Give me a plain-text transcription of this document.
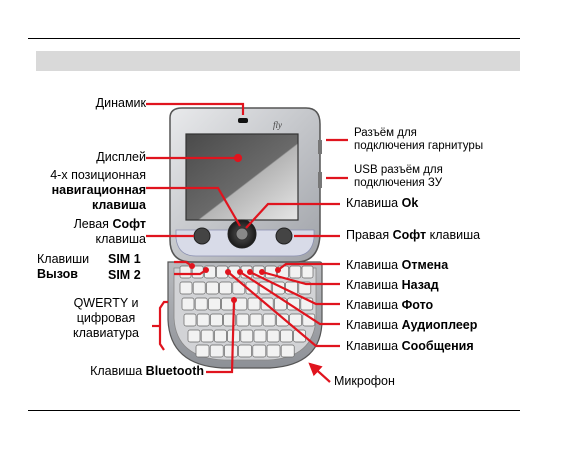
fly
Динамик
Дисплей
4-х позиционная
навигационная
клавиша
Левая Софт
клавиша
Клавиши
Вызов
SIM 1
SIM 2
QWERTY и
цифровая
клавиатура
Клавиша Bluetooth
Разъём для
подключения гарнитуры
USB разъём для
подключения ЗУ
Клавиша Ok
Правая Софт клавиша
Клавиша Отмена
Клавиша Назад
Клавиша Фото
Клавиша Аудиоплеер
Клавиша Сообщения
Микрофон
